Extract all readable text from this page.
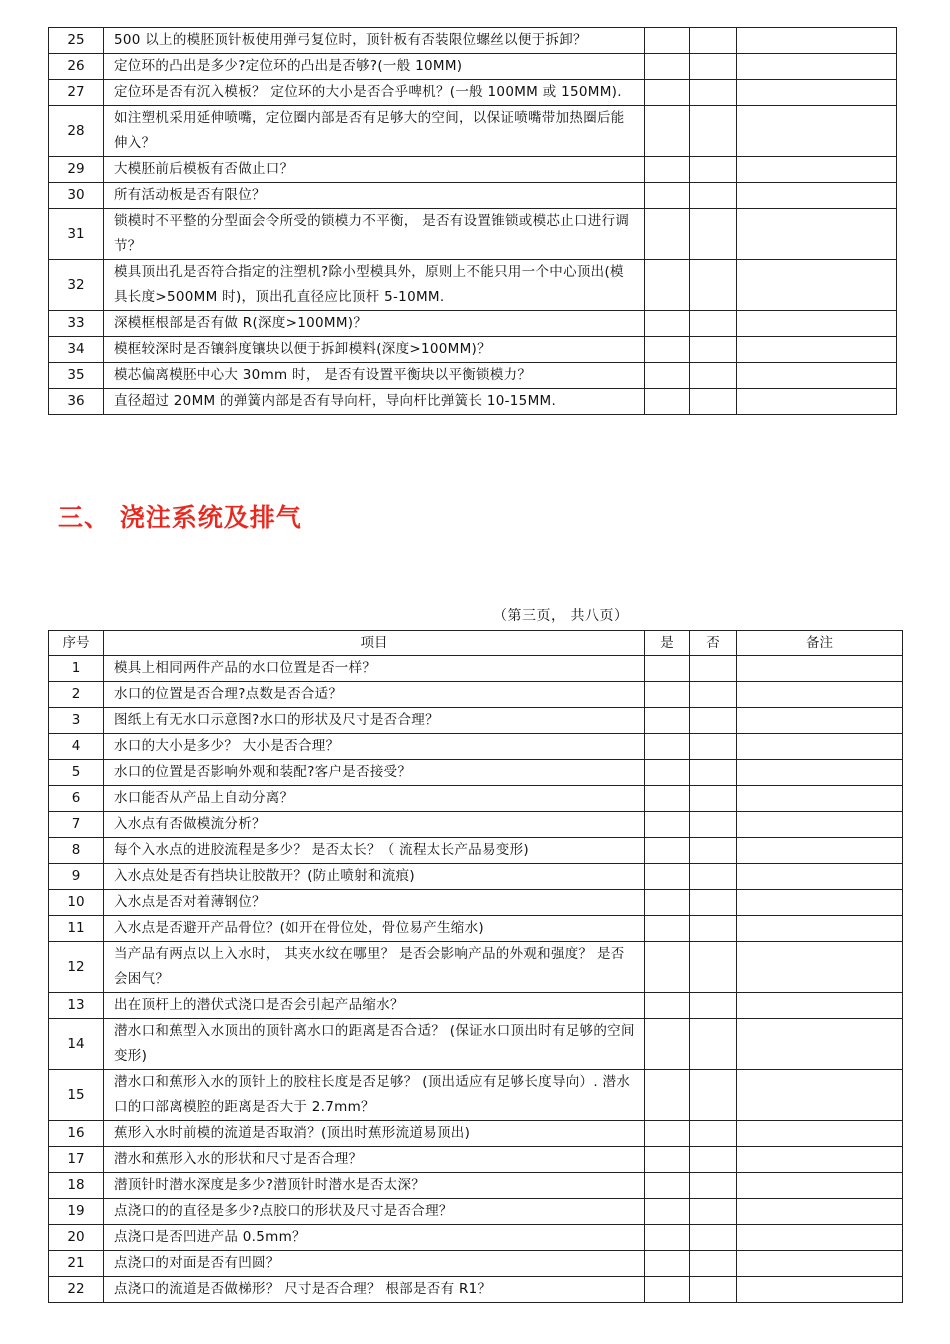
25	500 以上的模胚顶针板使用弹弓复位时，顶针板有否装限位螺丝以便于拆卸？			
26	定位环的凸出是多少?定位环的凸出是否够?(一般 10MM)			
27	定位环是否有沉入模板？ 定位环的大小是否合乎啤机？(一般 100MM 或 150MM).			
28	如注塑机采用延伸喷嘴，定位圈内部是否有足够大的空间，以保证喷嘴带加热圈后能伸入？			
29	大模胚前后模板有否做止口？			
30	所有活动板是否有限位？			
31	锁模时不平整的分型面会令所受的锁模力不平衡， 是否有设置锥锁或模芯止口进行调节？			
32	模具顶出孔是否符合指定的注塑机?除小型模具外，原则上不能只用一个中心顶出(模具长度>500MM 时)，顶出孔直径应比顶杆 5-10MM.			
33	深模框根部是否有做 R(深度>100MM)？			
34	模框较深时是否镶斜度镶块以便于拆卸模料(深度>100MM)？			
35	模芯偏离模胚中心大 30mm 时， 是否有设置平衡块以平衡锁模力？			
36	直径超过 20MM 的弹簧内部是否有导向杆，导向杆比弹簧长 10-15MM.			
三、 浇注系统及排气
（第三页， 共八页）
序号	项目	是	否	备注
1	模具上相同两件产品的水口位置是否一样？			
2	水口的位置是否合理?点数是否合适？			
3	图纸上有无水口示意图?水口的形状及尺寸是否合理？			
4	水口的大小是多少？ 大小是否合理？			
5	水口的位置是否影响外观和装配?客户是否接受？			
6	水口能否从产品上自动分离？			
7	入水点有否做模流分析？			
8	每个入水点的进胶流程是多少？ 是否太长？（ 流程太长产品易变形)			
9	入水点处是否有挡块让胶散开？(防止喷射和流痕)			
10	入水点是否对着薄钢位？			
11	入水点是否避开产品骨位？(如开在骨位处，骨位易产生缩水)			
12	当产品有两点以上入水时， 其夹水纹在哪里？ 是否会影响产品的外观和强度？ 是否会困气？			
13	出在顶杆上的潜伏式浇口是否会引起产品缩水？			
14	潜水口和蕉型入水顶出的顶针离水口的距离是否合适？ (保证水口顶出时有足够的空间变形)			
15	潜水口和蕉形入水的顶针上的胶柱长度是否足够？ (顶出适应有足够长度导向）. 潜水口的口部离模腔的距离是否大于 2.7mm？			
16	蕉形入水时前模的流道是否取消？(顶出时蕉形流道易顶出)			
17	潜水和蕉形入水的形状和尺寸是否合理？			
18	潜顶针时潜水深度是多少?潜顶针时潜水是否太深？			
19	点浇口的的直径是多少?点胶口的形状及尺寸是否合理？			
20	点浇口是否凹进产品 0.5mm？			
21	点浇口的对面是否有凹圆？			
22	点浇口的流道是否做梯形？ 尺寸是否合理？ 根部是否有 R1？			
